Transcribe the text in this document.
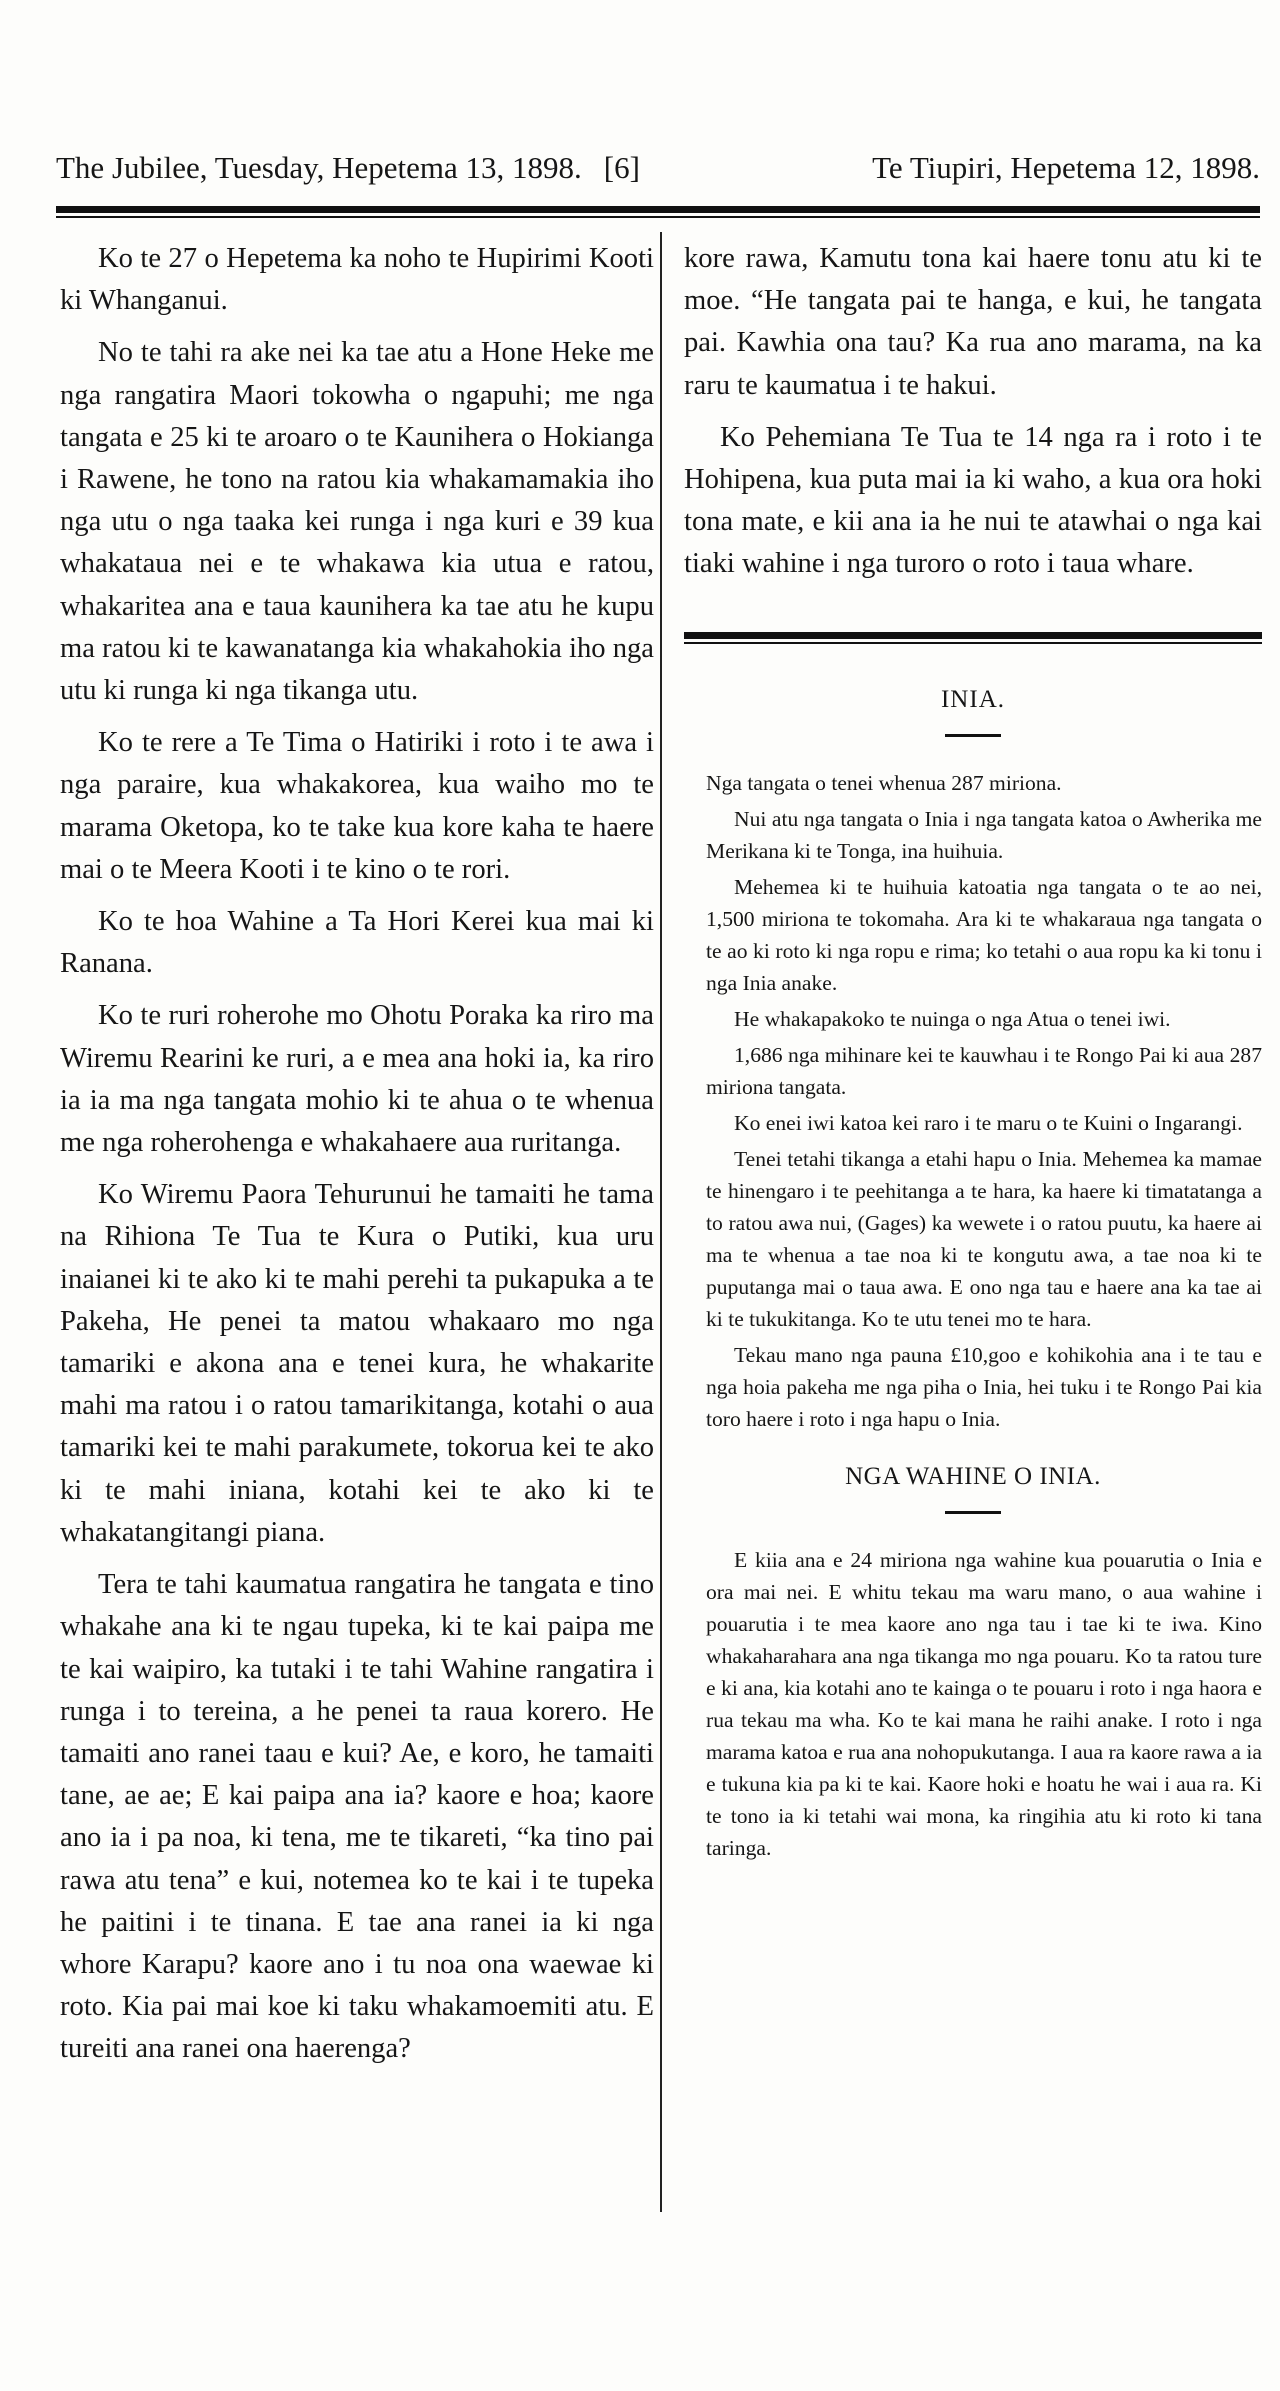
The Jubilee, Tuesday, Hepetema 13, 1898. [6]	Te Tiupiri, Hepetema 12, 1898.

Ko te 27 o Hepetema ka noho te Hupirimi Kooti ki Whanganui.

No te tahi ra ake nei ka tae atu a Hone Heke me nga rangatira Maori tokowha o ngapuhi; me nga tangata e 25 ki te aroaro o te Kaunihera o Hokianga i Rawene, he tono na ratou kia whakamamakia iho nga utu o nga taaka kei runga i nga kuri e 39 kua whakataua nei e te whakawa kia utua e ratou, whakaritea ana e taua kaunihera ka tae atu he kupu ma ratou ki te kawanatanga kia whakahokia iho nga utu ki runga ki nga tikanga utu.

Ko te rere a Te Tima o Hatiriki i roto i te awa i nga paraire, kua whakakorea, kua waiho mo te marama Oketopa, ko te take kua kore kaha te haere mai o te Meera Kooti i te kino o te rori.

Ko te hoa Wahine a Ta Hori Kerei kua mai ki Ranana.

Ko te ruri roherohe mo Ohotu Poraka ka riro ma Wiremu Rearini ke ruri, a e mea ana hoki ia, ka riro ia ia ma nga tangata mohio ki te ahua o te whenua me nga roherohenga e whakahaere aua ruritanga.

Ko Wiremu Paora Tehurunui he tamaiti he tama na Rihiona Te Tua te Kura o Putiki, kua uru inaianei ki te ako ki te mahi perehi ta pukapuka a te Pakeha, He penei ta matou whakaaro mo nga tamariki e akona ana e tenei kura, he whakarite mahi ma ratou i o ratou tamarikitanga, kotahi o aua tamariki kei te mahi parakumete, tokorua kei te ako ki te mahi iniana, kotahi kei te ako ki te whakatangitangi piana.

Tera te tahi kaumatua rangatira he tangata e tino whakahe ana ki te ngau tupeka, ki te kai paipa me te kai waipiro, ka tutaki i te tahi Wahine rangatira i runga i to tereina, a he penei ta raua korero. He tamaiti ano ranei taau e kui? Ae, e koro, he tamaiti tane, ae ae; E kai paipa ana ia? kaore e hoa; kaore ano ia i pa noa, ki tena, me te tikareti, “ka tino pai rawa atu tena” e kui, notemea ko te kai i te tupeka he paitini i te tinana. E tae ana ranei ia ki nga whore Karapu? kaore ano i tu noa ona waewae ki roto. Kia pai mai koe ki taku whakamoemiti atu. E tureiti ana ranei ona haerenga?

kore rawa, Kamutu tona kai haere tonu atu ki te moe. “He tangata pai te hanga, e kui, he tangata pai. Kawhia ona tau? Ka rua ano marama, na ka raru te kaumatua i te hakui.

Ko Pehemiana Te Tua te 14 nga ra i roto i te Hohipena, kua puta mai ia ki waho, a kua ora hoki tona mate, e kii ana ia he nui te atawhai o nga kai tiaki wahine i nga turoro o roto i taua whare.

INIA.

Nga tangata o tenei whenua 287 miriona.

Nui atu nga tangata o Inia i nga tangata katoa o Awherika me Merikana ki te Tonga, ina huihuia.

Mehemea ki te huihuia katoatia nga tangata o te ao nei, 1,500 miriona te tokomaha. Ara ki te whakaraua nga tangata o te ao ki roto ki nga ropu e rima; ko tetahi o aua ropu ka ki tonu i nga Inia anake.

He whakapakoko te nuinga o nga Atua o tenei iwi.

1,686 nga mihinare kei te kauwhau i te Rongo Pai ki aua 287 miriona tangata.

Ko enei iwi katoa kei raro i te maru o te Kuini o Ingarangi.

Tenei tetahi tikanga a etahi hapu o Inia. Mehemea ka mamae te hinengaro i te peehitanga a te hara, ka haere ki timatatanga a to ratou awa nui, (Gages) ka wewete i o ratou puutu, ka haere ai ma te whenua a tae noa ki te kongutu awa, a tae noa ki te puputanga mai o taua awa. E ono nga tau e haere ana ka tae ai ki te tukukitanga. Ko te utu tenei mo te hara.

Tekau mano nga pauna £10,goo e kohikohia ana i te tau e nga hoia pakeha me nga piha o Inia, hei tuku i te Rongo Pai kia toro haere i roto i nga hapu o Inia.

NGA WAHINE O INIA.

E kiia ana e 24 miriona nga wahine kua pouarutia o Inia e ora mai nei. E whitu tekau ma waru mano, o aua wahine i pouarutia i te mea kaore ano nga tau i tae ki te iwa. Kino whakaharahara ana nga tikanga mo nga pouaru. Ko ta ratou ture e ki ana, kia kotahi ano te kainga o te pouaru i roto i nga haora e rua tekau ma wha. Ko te kai mana he raihi anake. I roto i nga marama katoa e rua ana nohopukutanga. I aua ra kaore rawa a ia e tukuna kia pa ki te kai. Kaore hoki e hoatu he wai i aua ra. Ki te tono ia ki tetahi wai mona, ka ringihia atu ki roto ki tana taringa.
